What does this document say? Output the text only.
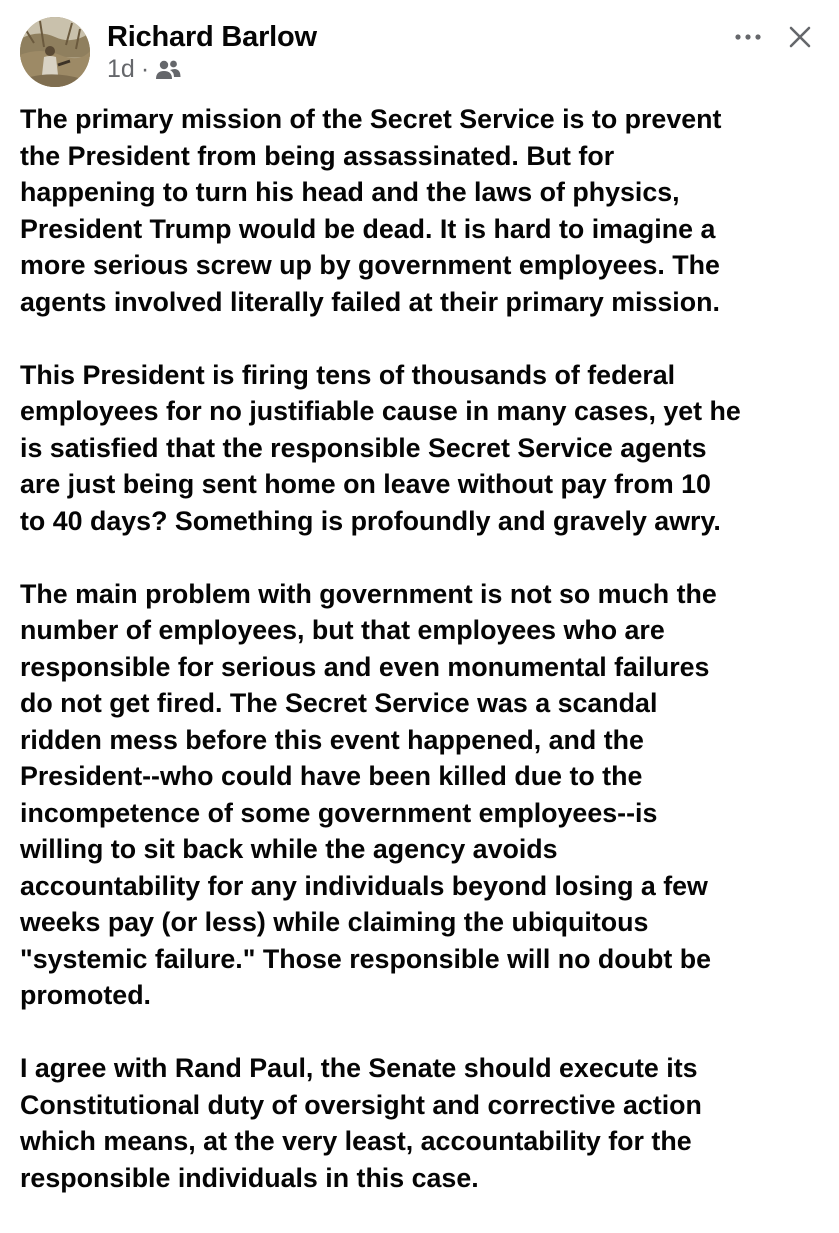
Richard Barlow
1d ·

The primary mission of the Secret Service is to prevent
the President from being assassinated. But for
happening to turn his head and the laws of physics,
President Trump would be dead. It is hard to imagine a
more serious screw up by government employees. The
agents involved literally failed at their primary mission.

This President is firing tens of thousands of federal
employees for no justifiable cause in many cases, yet he
is satisfied that the responsible Secret Service agents
are just being sent home on leave without pay from 10
to 40 days? Something is profoundly and gravely awry.

The main problem with government is not so much the
number of employees, but that employees who are
responsible for serious and even monumental failures
do not get fired. The Secret Service was a scandal
ridden mess before this event happened, and the
President--who could have been killed due to the
incompetence of some government employees--is
willing to sit back while the agency avoids
accountability for any individuals beyond losing a few
weeks pay (or less) while claiming the ubiquitous
"systemic failure." Those responsible will no doubt be
promoted.

I agree with Rand Paul, the Senate should execute its
Constitutional duty of oversight and corrective action
which means, at the very least, accountability for the
responsible individuals in this case.
